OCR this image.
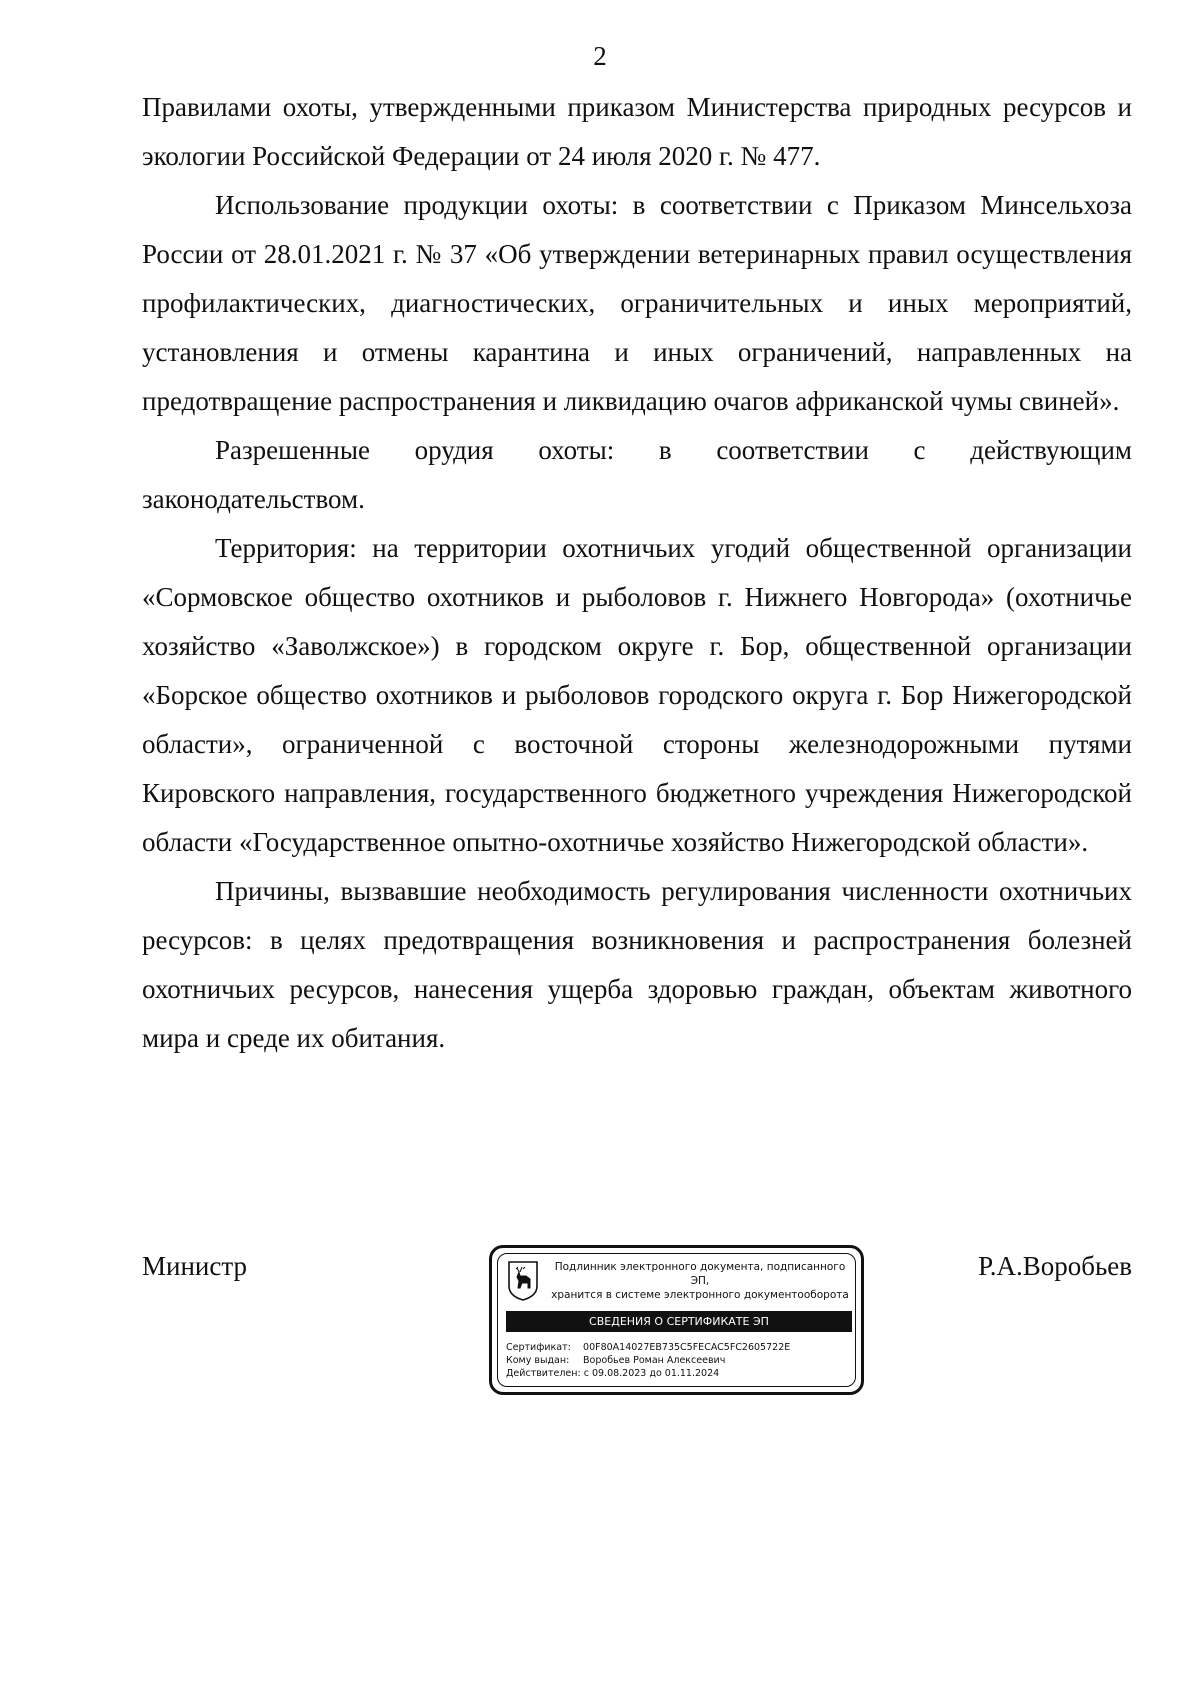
2

Правилами охоты, утвержденными приказом Министерства природных ресурсов и экологии Российской Федерации от 24 июля 2020 г. № 477.

Использование продукции охоты: в соответствии с Приказом Минсельхоза России от 28.01.2021 г. № 37 «Об утверждении ветеринарных правил осуществления профилактических, диагностических, ограничительных и иных мероприятий, установления и отмены карантина и иных ограничений, направленных на предотвращение распространения и ликвидацию очагов африканской чумы свиней».

Разрешенные орудия охоты: в соответствии с действующим законодательством.

Территория: на территории охотничьих угодий общественной организации «Сормовское общество охотников и рыболовов г. Нижнего Новгорода» (охотничье хозяйство «Заволжское») в городском округе г. Бор, общественной организации «Борское общество охотников и рыболовов городского округа г. Бор Нижегородской области», ограниченной с восточной стороны железнодорожными путями Кировского направления, государственного бюджетного учреждения Нижегородской области «Государственное опытно-охотничье хозяйство Нижегородской области».

Причины, вызвавшие необходимость регулирования численности охотничьих ресурсов: в целях предотвращения возникновения и распространения болезней охотничьих ресурсов, нанесения ущерба здоровью граждан, объектам животного мира и среде их обитания.

Министр	Подлинник электронного документа, подписанного ЭП,
хранится в системе электронного документооборота
СВЕДЕНИЯ О СЕРТИФИКАТЕ ЭП
Сертификат: 00F80A14027EB735C5FECAC5FC2605722E
Кому выдан: Воробьев Роман Алексеевич
Действителен: с 09.08.2023 до 01.11.2024
Р.А.Воробьев
